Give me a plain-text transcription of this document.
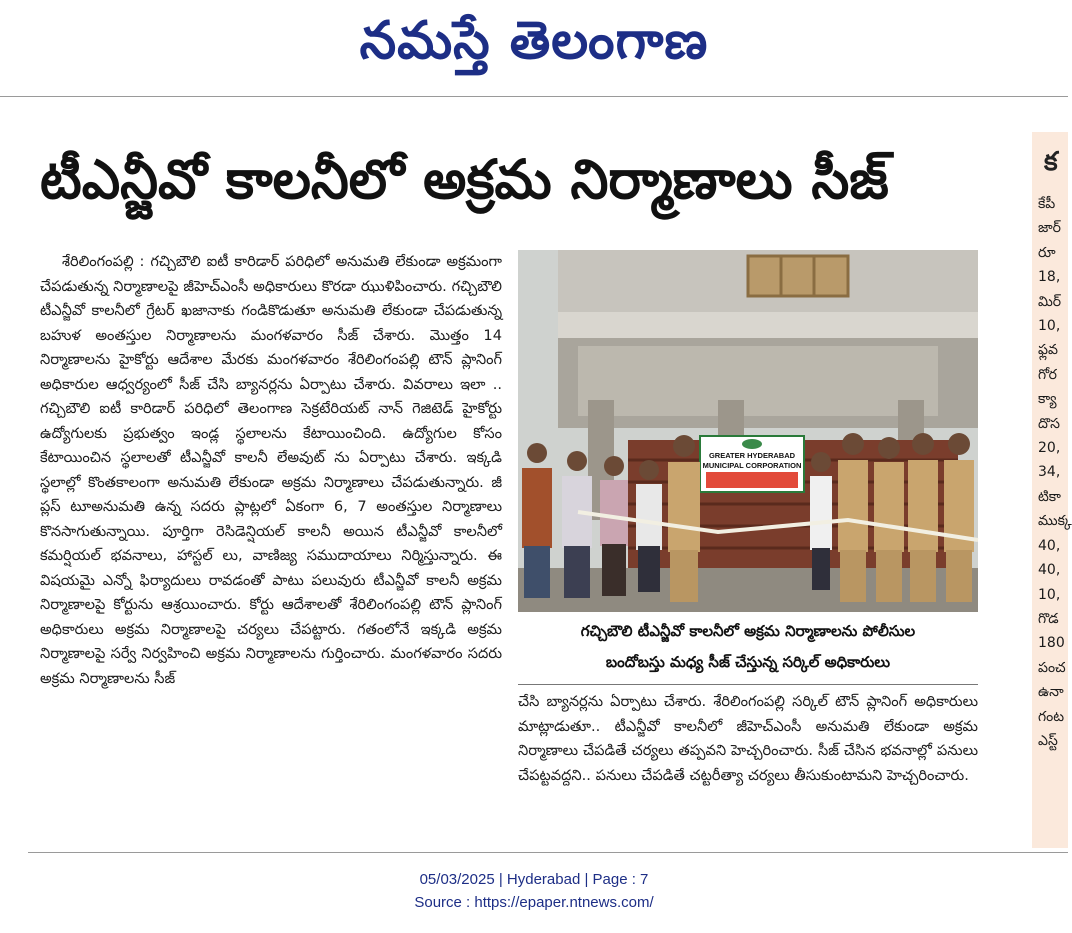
నమస్తే తెలంగాణ
టీఎన్జీవో కాలనీలో అక్రమ నిర్మాణాలు సీజ్

శేరిలింగంపల్లి : గచ్చిబౌలి ఐటీ కారిడార్ పరిధిలో అనుమతి లేకుండా అక్రమంగా చేపడుతున్న నిర్మాణాలపై జీహెచ్ఎంసీ అధికారులు కొరడా ఝుళిపించారు. గచ్చిబౌలి టీఎన్జీవో కాలనీలో గ్రేటర్ ఖజానాకు గండికొడుతూ అనుమతి లేకుండా చేపడుతున్న బహుళ అంతస్తుల నిర్మాణాలను మంగళవారం సీజ్ చేశారు. మొత్తం 14 నిర్మాణాలను హైకోర్టు ఆదేశాల మేరకు మంగళవారం శేరిలింగంపల్లి టౌన్ ప్లానింగ్ అధికారుల ఆధ్వర్యంలో సీజ్ చేసి బ్యానర్లను ఏర్పాటు చేశారు. వివరాలు ఇలా .. గచ్చిబౌలి ఐటీ కారిడార్ పరిధిలో తెలంగాణ సెక్రటేరియట్ నాన్ గెజిటెడ్ హైకోర్టు ఉద్యోగులకు ప్రభుత్వం ఇండ్ల స్థలాలను కేటాయించింది. ఉద్యోగుల కోసం కేటాయించిన స్థలాలతో టీఎన్జీవో కాలనీ లేఅవుట్ ను ఏర్పాటు చేశారు. ఇక్కడి స్థలాల్లో కొంతకాలంగా అనుమతి లేకుండా అక్రమ నిర్మాణాలు చేపడుతున్నారు. జీ ప్లస్ టూఅనుమతి ఉన్న సదరు ప్లాట్లలో ఏకంగా 6, 7 అంతస్తుల నిర్మాణాలు కొనసాగుతున్నాయి. పూర్తిగా రెసిడెన్షియల్ కాలనీ అయిన టీఎన్జీవో కాలనీలో కమర్షియల్ భవనాలు, హాస్టల్ లు, వాణిజ్య సముదాయాలు నిర్మిస్తున్నారు. ఈ విషయమై ఎన్నో ఫిర్యాదులు రావడంతో పాటు పలువురు టీఎన్జీవో కాలనీ అక్రమ నిర్మాణాలపై కోర్టును ఆశ్రయించారు. కోర్టు ఆదేశాలతో శేరిలింగంపల్లి టౌన్ ప్లానింగ్ అధికారులు అక్రమ నిర్మాణాలపై చర్యలు చేపట్టారు. గతంలోనే ఇక్కడి అక్రమ నిర్మాణాలపై సర్వే నిర్వహించి అక్రమ నిర్మాణాలను గుర్తించారు. మంగళవారం సదరు అక్రమ నిర్మాణాలను సీజ్

GREATER HYDERABAD
MUNICIPAL CORPORATION
గచ్చిబౌలి టీఎన్జీవో కాలనీలో అక్రమ నిర్మాణాలను పోలీసుల
బందోబస్తు మధ్య సీజ్ చేస్తున్న సర్కిల్ అధికారులు

చేసి బ్యానర్లను ఏర్పాటు చేశారు. శేరిలింగంపల్లి సర్కిల్ టౌన్ ప్లానింగ్ అధికారులు మాట్లాడుతూ.. టీఎన్జీవో కాలనీలో జీహెచ్ఎంసీ అనుమతి లేకుండా అక్రమ నిర్మాణాలు చేపడితే చర్యలు తప్పవని హెచ్చరించారు. సీజ్ చేసిన భవనాల్లో పనులు చేపట్టవద్దని.. పనులు చేపడితే చట్టరీత్యా చర్యలు తీసుకుంటామని హెచ్చరించారు.

క
కేపీ
జార్
రూ
18,
మిర్
10,
ఫ్లవ
గోర
క్యా
దొస
20,
34,
టికా
ముక్క
40,
40,
10,
గొడ
180
పంచ
ఉనా
గంట
ఎస్ట్
05/03/2025 | Hyderabad | Page : 7
Source : https://epaper.ntnews.com/
